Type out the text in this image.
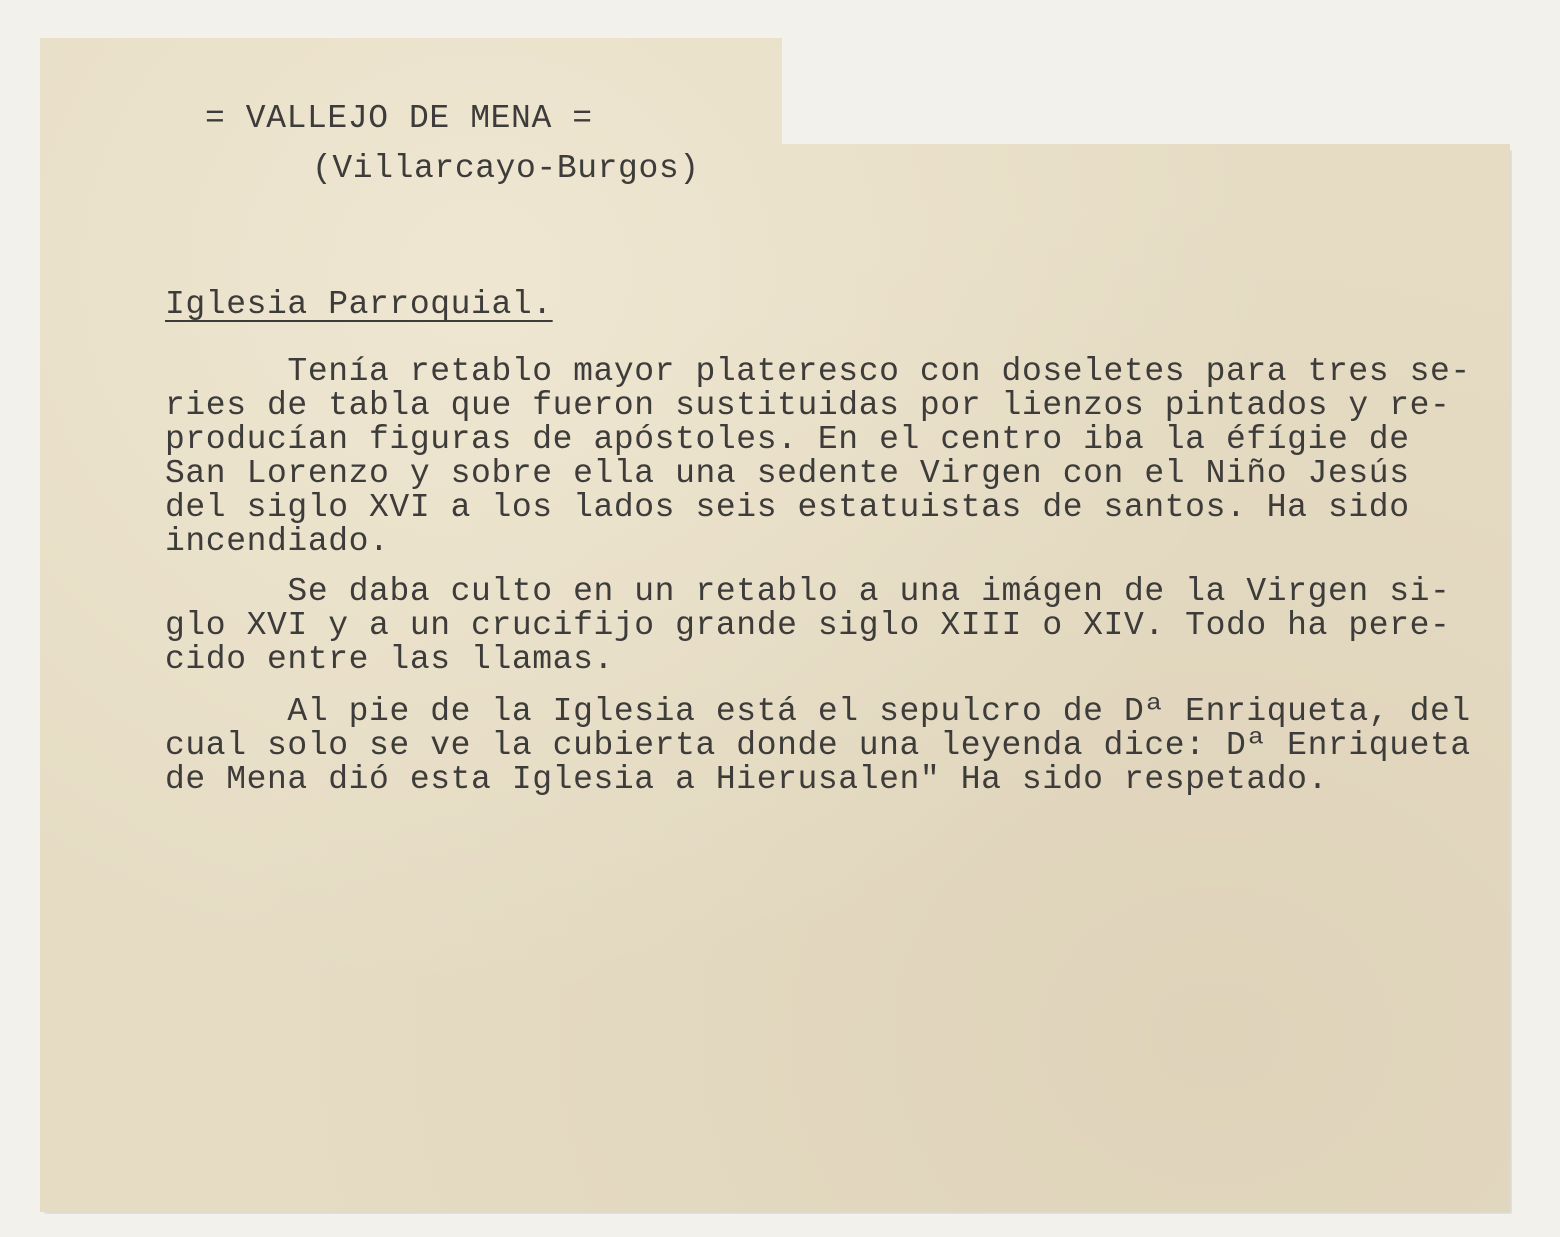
= VALLEJO DE MENA =
(Villarcayo-Burgos)
Iglesia Parroquial.
Tenía retablo mayor plateresco con doseletes para tres se-
ries de tabla que fueron sustituidas por lienzos pintados y re-
producían figuras de apóstoles. En el centro iba la éfígie de
San Lorenzo y sobre ella una sedente Virgen con el Niño Jesús
del siglo XVI a los lados seis estatuistas de santos. Ha sido
incendiado.
Se daba culto en un retablo a una imágen de la Virgen si-
glo XVI y a un crucifijo grande siglo XIII o XIV. Todo ha pere-
cido entre las llamas.
Al pie de la Iglesia está el sepulcro de Dª Enriqueta, del
cual solo se ve la cubierta donde una leyenda dice: Dª Enriqueta
de Mena dió esta Iglesia a Hierusalen" Ha sido respetado.
